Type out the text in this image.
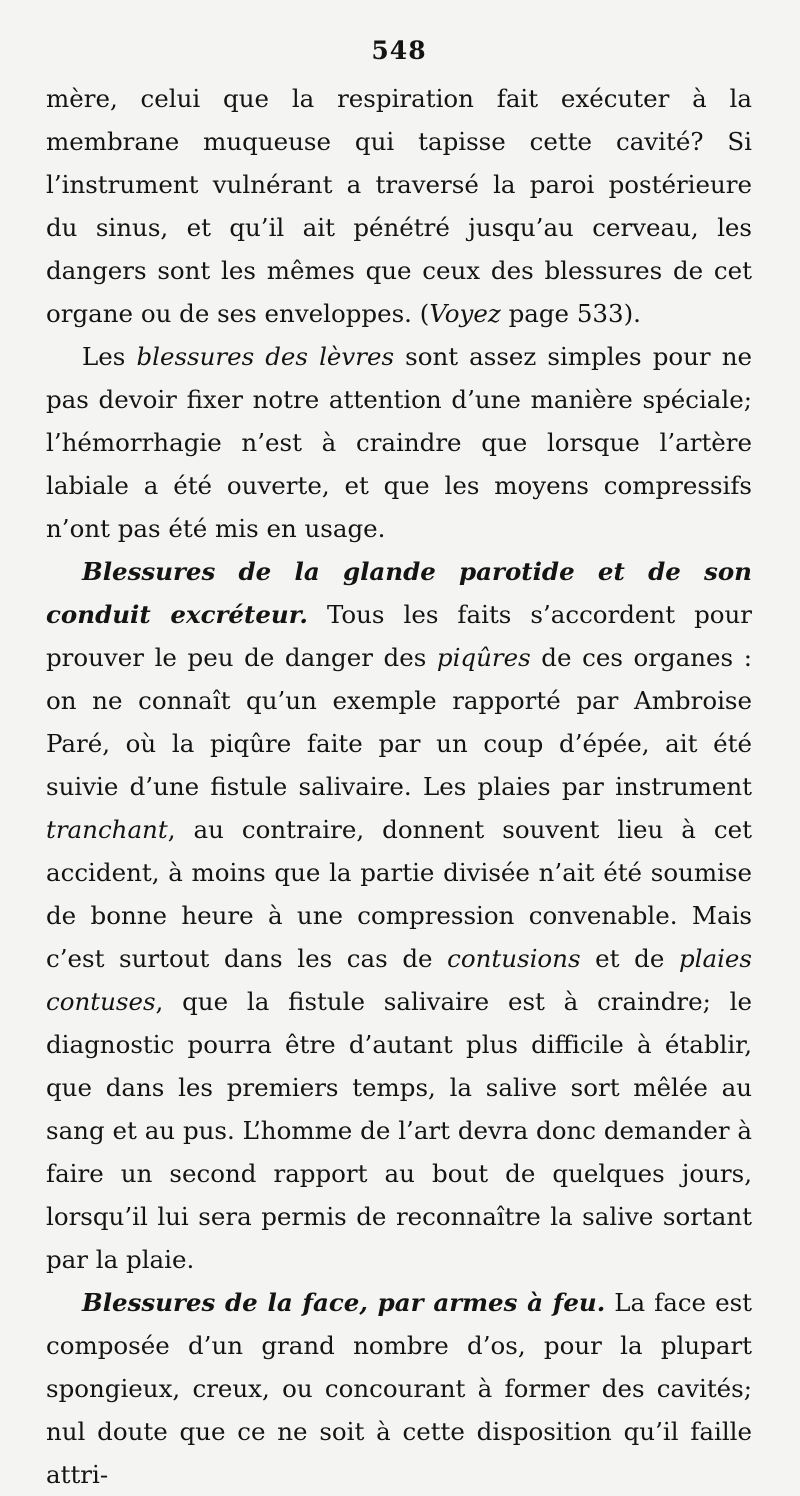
548

mère, celui que la respiration fait exécuter à la membrane muqueuse qui tapisse cette cavité? Si l’instrument vulnérant a traversé la paroi postérieure du sinus, et qu’il ait pénétré jusqu’au cerveau, les dangers sont les mêmes que ceux des blessures de cet organe ou de ses enveloppes. (Voyez page 533).

Les blessures des lèvres sont assez simples pour ne pas devoir fixer notre attention d’une manière spéciale; l’hémorrhagie n’est à craindre que lorsque l’artère labiale a été ouverte, et que les moyens compressifs n’ont pas été mis en usage.

Blessures de la glande parotide et de son conduit excréteur. Tous les faits s’accordent pour prouver le peu de danger des piqûres de ces organes : on ne connaît qu’un exemple rapporté par Ambroise Paré, où la piqûre faite par un coup d’épée, ait été suivie d’une fistule salivaire. Les plaies par instrument tranchant, au contraire, donnent souvent lieu à cet accident, à moins que la partie divisée n’ait été soumise de bonne heure à une compression convenable. Mais c’est surtout dans les cas de contusions et de plaies contuses, que la fistule salivaire est à craindre; le diagnostic pourra être d’autant plus difficile à établir, que dans les premiers temps, la salive sort mêlée au sang et au pus. L’homme de l’art devra donc demander à faire un second rapport au bout de quelques jours, lorsqu’il lui sera permis de reconnaître la salive sortant par la plaie.

Blessures de la face, par armes à feu. La face est composée d’un grand nombre d’os, pour la plupart spongieux, creux, ou concourant à former des cavités; nul doute que ce ne soit à cette disposition qu’il faille attri-
